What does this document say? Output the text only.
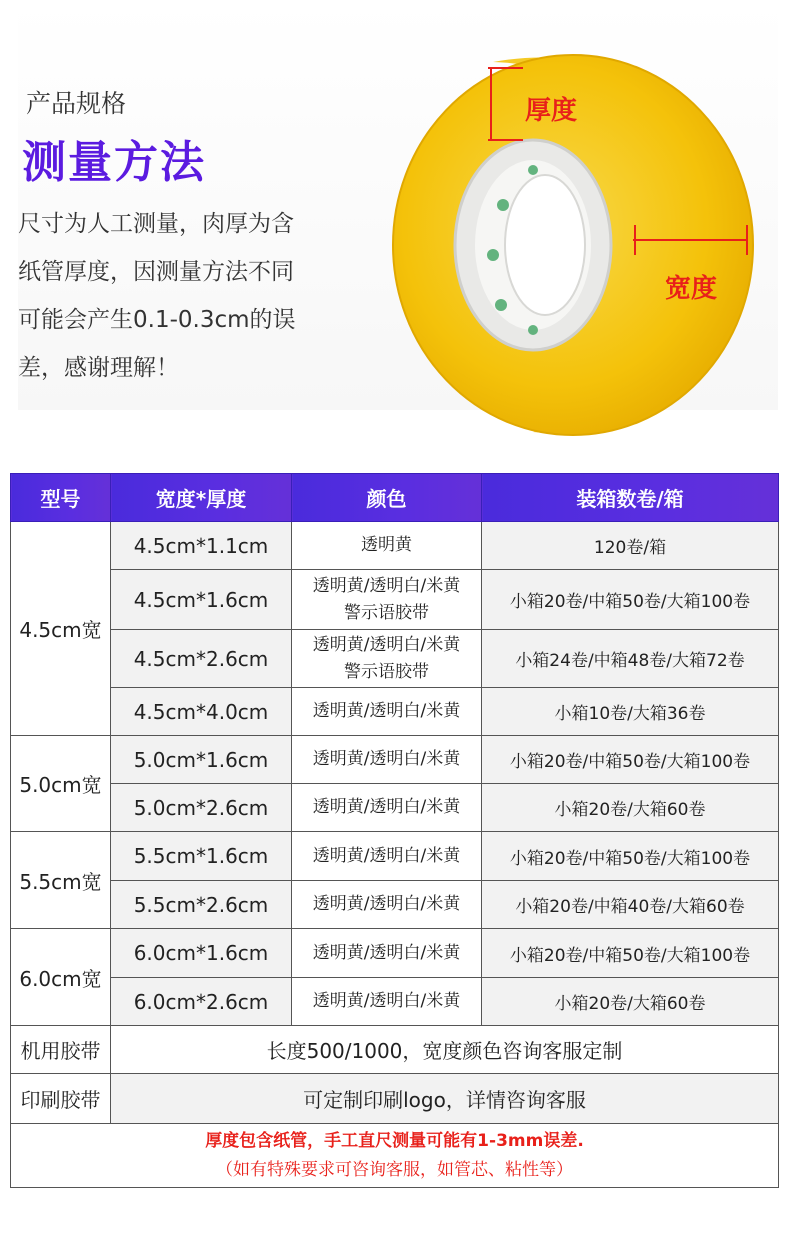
产品规格
测量方法
尺寸为人工测量，肉厚为含
纸管厚度，因测量方法不同
可能会产生0.1-0.3cm的误
差，感谢理解！
厚度
宽度
型号	宽度*厚度	颜色	装箱数卷/箱
4.5cm宽	4.5cm*1.1cm	透明黄	120卷/箱
	4.5cm*1.6cm	透明黄/透明白/米黄
警示语胶带	小箱20卷/中箱50卷/大箱100卷
	4.5cm*2.6cm	透明黄/透明白/米黄
警示语胶带	小箱24卷/中箱48卷/大箱72卷
	4.5cm*4.0cm	透明黄/透明白/米黄	小箱10卷/大箱36卷
5.0cm宽	5.0cm*1.6cm	透明黄/透明白/米黄	小箱20卷/中箱50卷/大箱100卷
	5.0cm*2.6cm	透明黄/透明白/米黄	小箱20卷/大箱60卷
5.5cm宽	5.5cm*1.6cm	透明黄/透明白/米黄	小箱20卷/中箱50卷/大箱100卷
	5.5cm*2.6cm	透明黄/透明白/米黄	小箱20卷/中箱40卷/大箱60卷
6.0cm宽	6.0cm*1.6cm	透明黄/透明白/米黄	小箱20卷/中箱50卷/大箱100卷
	6.0cm*2.6cm	透明黄/透明白/米黄	小箱20卷/大箱60卷
机用胶带	长度500/1000，宽度颜色咨询客服定制		
印刷胶带	可定制印刷logo，详情咨询客服		

厚度包含纸管，手工直尺测量可能有1-3mm误差.
（如有特殊要求可咨询客服，如管芯、粘性等）			
